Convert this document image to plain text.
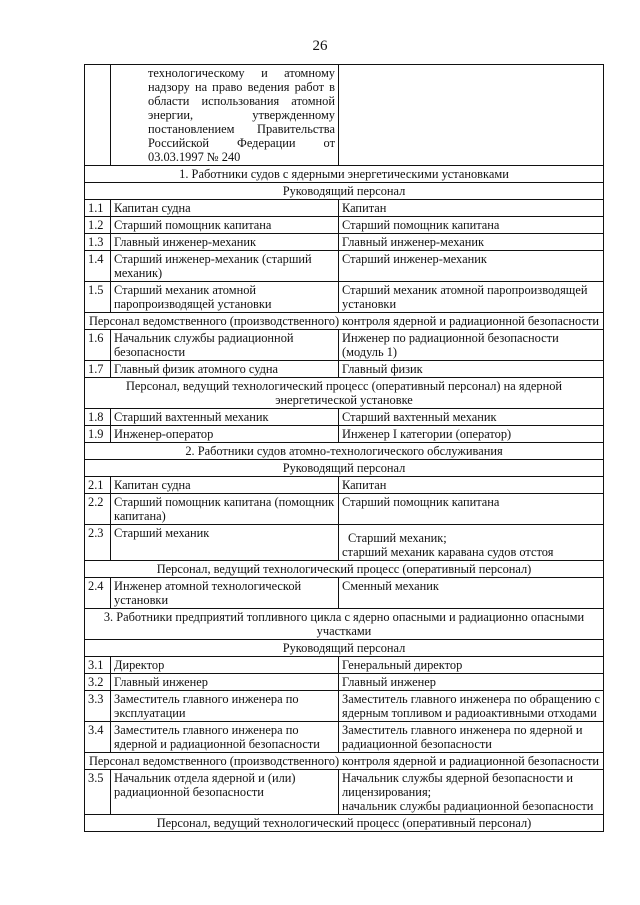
26
	технологическому и атомному надзору на право ведения работ в области использования атомной энергии, утвержденному постановлением Правительства Российской Федерации от 03.03.1997 № 240	
1. Работники судов с ядерными энергетическими установками		
Руководящий персонал		
1.1	Капитан судна	Капитан
1.2	Старший помощник капитана	Старший помощник капитана
1.3	Главный инженер-механик	Главный инженер-механик
1.4	Старший инженер-механик (старший механик)	Старший инженер-механик
1.5	Старший механик атомной паропроизводящей установки	Старший механик атомной паропроизводящей установки
Персонал ведомственного (производственного) контроля ядерной и радиационной безопасности		
1.6	Начальник службы радиационной безопасности	Инженер по радиационной безопасности (модуль 1)
1.7	Главный физик атомного судна	Главный физик
Персонал, ведущий технологический процесс (оперативный персонал) на ядерной энергетической установке		
1.8	Старший вахтенный механик	Старший вахтенный механик
1.9	Инженер-оператор	Инженер I категории (оператор)
2. Работники судов атомно-технологического обслуживания		
Руководящий персонал		
2.1	Капитан судна	Капитан
2.2	Старший помощник капитана (помощник капитана)	Старший помощник капитана
2.3	Старший механик	Старший механик;
старший механик каравана судов отстоя

Персонал, ведущий технологический процесс (оперативный персонал)		
2.4	Инженер атомной технологической установки	Сменный механик
3. Работники предприятий топливного цикла с ядерно опасными и радиационно опасными участками		
Руководящий персонал		
3.1	Директор	Генеральный директор
3.2	Главный инженер	Главный инженер
3.3	Заместитель главного инженера по эксплуатации	Заместитель главного инженера по обращению с ядерным топливом и радиоактивными отходами
3.4	Заместитель главного инженера по ядерной и радиационной безопасности	Заместитель главного инженера по ядерной и радиационной безопасности
Персонал ведомственного (производственного) контроля ядерной и радиационной безопасности		
3.5	Начальник отдела ядерной и (или) радиационной безопасности	Начальник службы ядерной безопасности и лицензирования;
начальник службы радиационной безопасности

Персонал, ведущий технологический процесс (оперативный персонал)		
